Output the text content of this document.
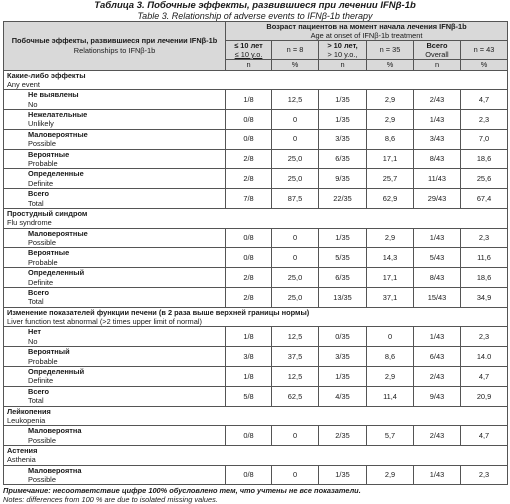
Таблица 3. Побочные эффекты, развившиеся при лечении IFNβ-1b
Table 3. Relationship of adverse events to IFNβ-1b therapy
Побочные эффекты, развившиеся при лечении IFNβ-1b
Relationships to IFNβ-1b	Возраст пациентов на момент начала лечения IFNβ-1b
Age at onset of IFNβ-1b treatment					
	≤ 10 лет
≤ 10 y.o.	n = 8	> 10 лет,
> 10 y.o.,	n = 35	Всего
Overall	n = 43
	n	%	n	%	n	%
Какие-либо эффекты
Any event						
Не выявлены
No	1/8	12,5	1/35	2,9	2/43	4,7
Нежелательные
Unlikely	0/8	0	1/35	2,9	1/43	2,3
Маловероятные
Possible	0/8	0	3/35	8,6	3/43	7,0
Вероятные
Probable	2/8	25,0	6/35	17,1	8/43	18,6
Определенные
Definite	2/8	25,0	9/35	25,7	11/43	25,6
Всего
Total	7/8	87,5	22/35	62,9	29/43	67,4
Простудный синдром
Flu syndrome						
Маловероятные
Possible	0/8	0	1/35	2,9	1/43	2,3
Вероятные
Probable	0/8	0	5/35	14,3	5/43	11,6
Определенный
Definite	2/8	25,0	6/35	17,1	8/43	18,6
Всего
Total	2/8	25,0	13/35	37,1	15/43	34,9
Изменение показателей функции печени (в 2 раза выше верхней границы нормы)
Liver function test abnormal (>2 times upper limit of normal)						
Нет
No	1/8	12,5	0/35	0	1/43	2,3
Вероятный
Probable	3/8	37,5	3/35	8,6	6/43	14.0
Определенный
Definite	1/8	12,5	1/35	2,9	2/43	4,7
Всего
Total	5/8	62,5	4/35	11,4	9/43	20,9
Лейкопения
Leukopenia						
Маловероятна
Possible	0/8	0	2/35	5,7	2/43	4,7
Астения
Asthenia						
Маловероятна
Possible	0/8	0	1/35	2,9	1/43	2,3
Примечание: несоответствие цифре 100% обусловлено тем, что учтены не все показатели.
Notes: differences from 100 % are due to isolated missing values.
